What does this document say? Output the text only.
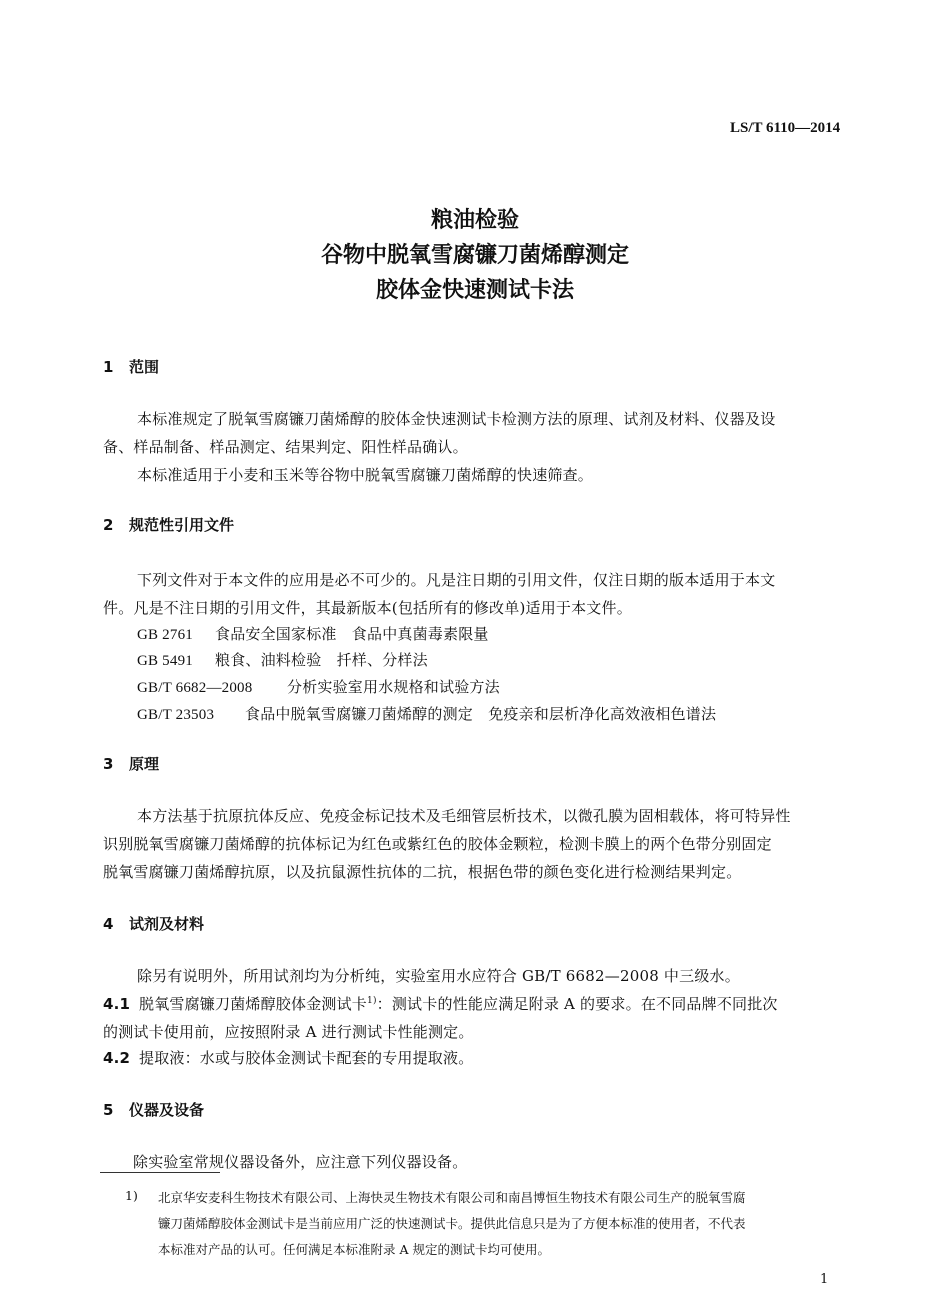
LS/T 6110—2014
粮油检验
谷物中脱氧雪腐镰刀菌烯醇测定
胶体金快速测试卡法
1 范围
本标准规定了脱氧雪腐镰刀菌烯醇的胶体金快速测试卡检测方法的原理、试剂及材料、仪器及设
备、样品制备、样品测定、结果判定、阳性样品确认。
本标准适用于小麦和玉米等谷物中脱氧雪腐镰刀菌烯醇的快速筛查。
2 规范性引用文件
下列文件对于本文件的应用是必不可少的。凡是注日期的引用文件，仅注日期的版本适用于本文
件。凡是不注日期的引用文件，其最新版本(包括所有的修改单)适用于本文件。
GB 2761 食品安全国家标准　食品中真菌毒素限量
GB 5491 粮食、油料检验　扦样、分样法
GB/T 6682—2008 分析实验室用水规格和试验方法
GB/T 23503 食品中脱氧雪腐镰刀菌烯醇的测定　免疫亲和层析净化高效液相色谱法
3 原理
本方法基于抗原抗体反应、免疫金标记技术及毛细管层析技术，以微孔膜为固相载体，将可特异性
识别脱氧雪腐镰刀菌烯醇的抗体标记为红色或紫红色的胶体金颗粒，检测卡膜上的两个色带分别固定
脱氧雪腐镰刀菌烯醇抗原，以及抗鼠源性抗体的二抗，根据色带的颜色变化进行检测结果判定。
4 试剂及材料
除另有说明外，所用试剂均为分析纯，实验室用水应符合 GB/T 6682—2008 中三级水。
4.1 脱氧雪腐镰刀菌烯醇胶体金测试卡$^{1)}$：测试卡的性能应满足附录 A 的要求。在不同品牌不同批次
的测试卡使用前，应按照附录 A 进行测试卡性能测定。
4.2 提取液：水或与胶体金测试卡配套的专用提取液。
5 仪器及设备
除实验室常规仪器设备外，应注意下列仪器设备。
1) 北京华安麦科生物技术有限公司、上海快灵生物技术有限公司和南昌博恒生物技术有限公司生产的脱氧雪腐
镰刀菌烯醇胶体金测试卡是当前应用广泛的快速测试卡。提供此信息只是为了方便本标准的使用者，不代表
本标准对产品的认可。任何满足本标准附录 A 规定的测试卡均可使用。
1
